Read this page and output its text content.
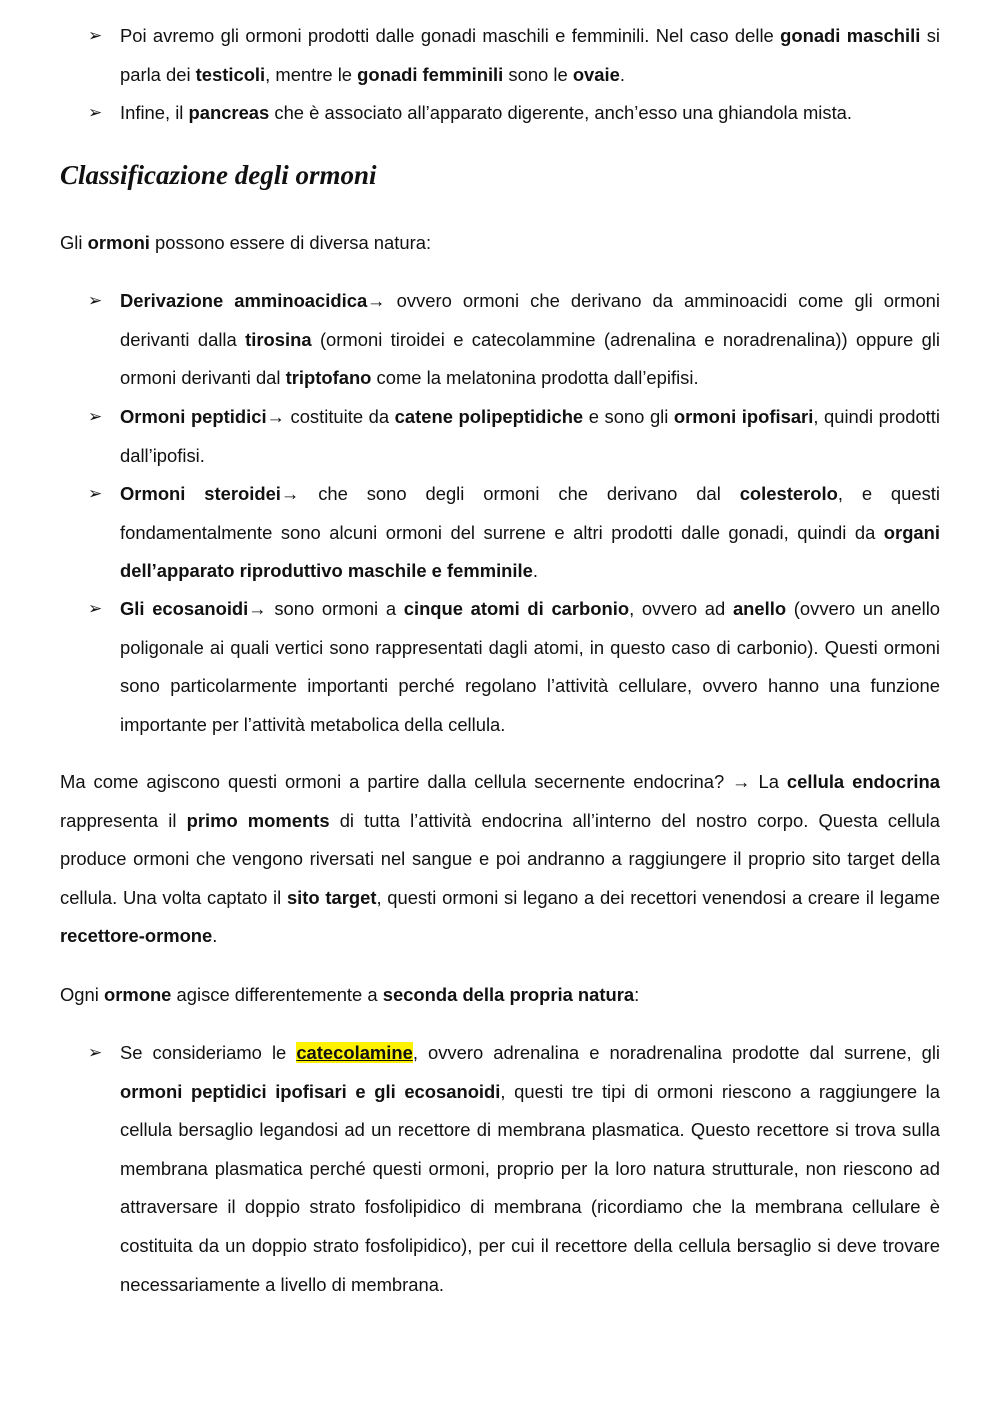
➢ Poi avremo gli ormoni prodotti dalle gonadi maschili e femminili. Nel caso delle gonadi maschili si parla dei testicoli, mentre le gonadi femminili sono le ovaie.

➢ Infine, il pancreas che è associato all’apparato digerente, anch’esso una ghiandola mista.

Classificazione degli ormoni

Gli ormoni possono essere di diversa natura:

➢ Derivazione amminoacidica→ ovvero ormoni che derivano da amminoacidi come gli ormoni derivanti dalla tirosina (ormoni tiroidei e catecolammine (adrenalina e noradrenalina)) oppure gli ormoni derivanti dal triptofano come la melatonina prodotta dall’epifisi.

➢ Ormoni peptidici→ costituite da catene polipeptidiche e sono gli ormoni ipofisari, quindi prodotti dall’ipofisi.

➢ Ormoni steroidei→ che sono degli ormoni che derivano dal colesterolo, e questi fondamentalmente sono alcuni ormoni del surrene e altri prodotti dalle gonadi, quindi da organi dell’apparato riproduttivo maschile e femminile.

➢ Gli ecosanoidi→ sono ormoni a cinque atomi di carbonio, ovvero ad anello (ovvero un anello poligonale ai quali vertici sono rappresentati dagli atomi, in questo caso di carbonio). Questi ormoni sono particolarmente importanti perché regolano l’attività cellulare, ovvero hanno una funzione importante per l’attività metabolica della cellula.

Ma come agiscono questi ormoni a partire dalla cellula secernente endocrina? → La cellula endocrina rappresenta il primo moments di tutta l’attività endocrina all’interno del nostro corpo. Questa cellula produce ormoni che vengono riversati nel sangue e poi andranno a raggiungere il proprio sito target della cellula. Una volta captato il sito target, questi ormoni si legano a dei recettori venendosi a creare il legame recettore-ormone.

Ogni ormone agisce differentemente a seconda della propria natura:

➢ Se consideriamo le catecolamine, ovvero adrenalina e noradrenalina prodotte dal surrene, gli ormoni peptidici ipofisari e gli ecosanoidi, questi tre tipi di ormoni riescono a raggiungere la cellula bersaglio legandosi ad un recettore di membrana plasmatica. Questo recettore si trova sulla membrana plasmatica perché questi ormoni, proprio per la loro natura strutturale, non riescono ad attraversare il doppio strato fosfolipidico di membrana (ricordiamo che la membrana cellulare è costituita da un doppio strato fosfolipidico), per cui il recettore della cellula bersaglio si deve trovare necessariamente a livello di membrana.
